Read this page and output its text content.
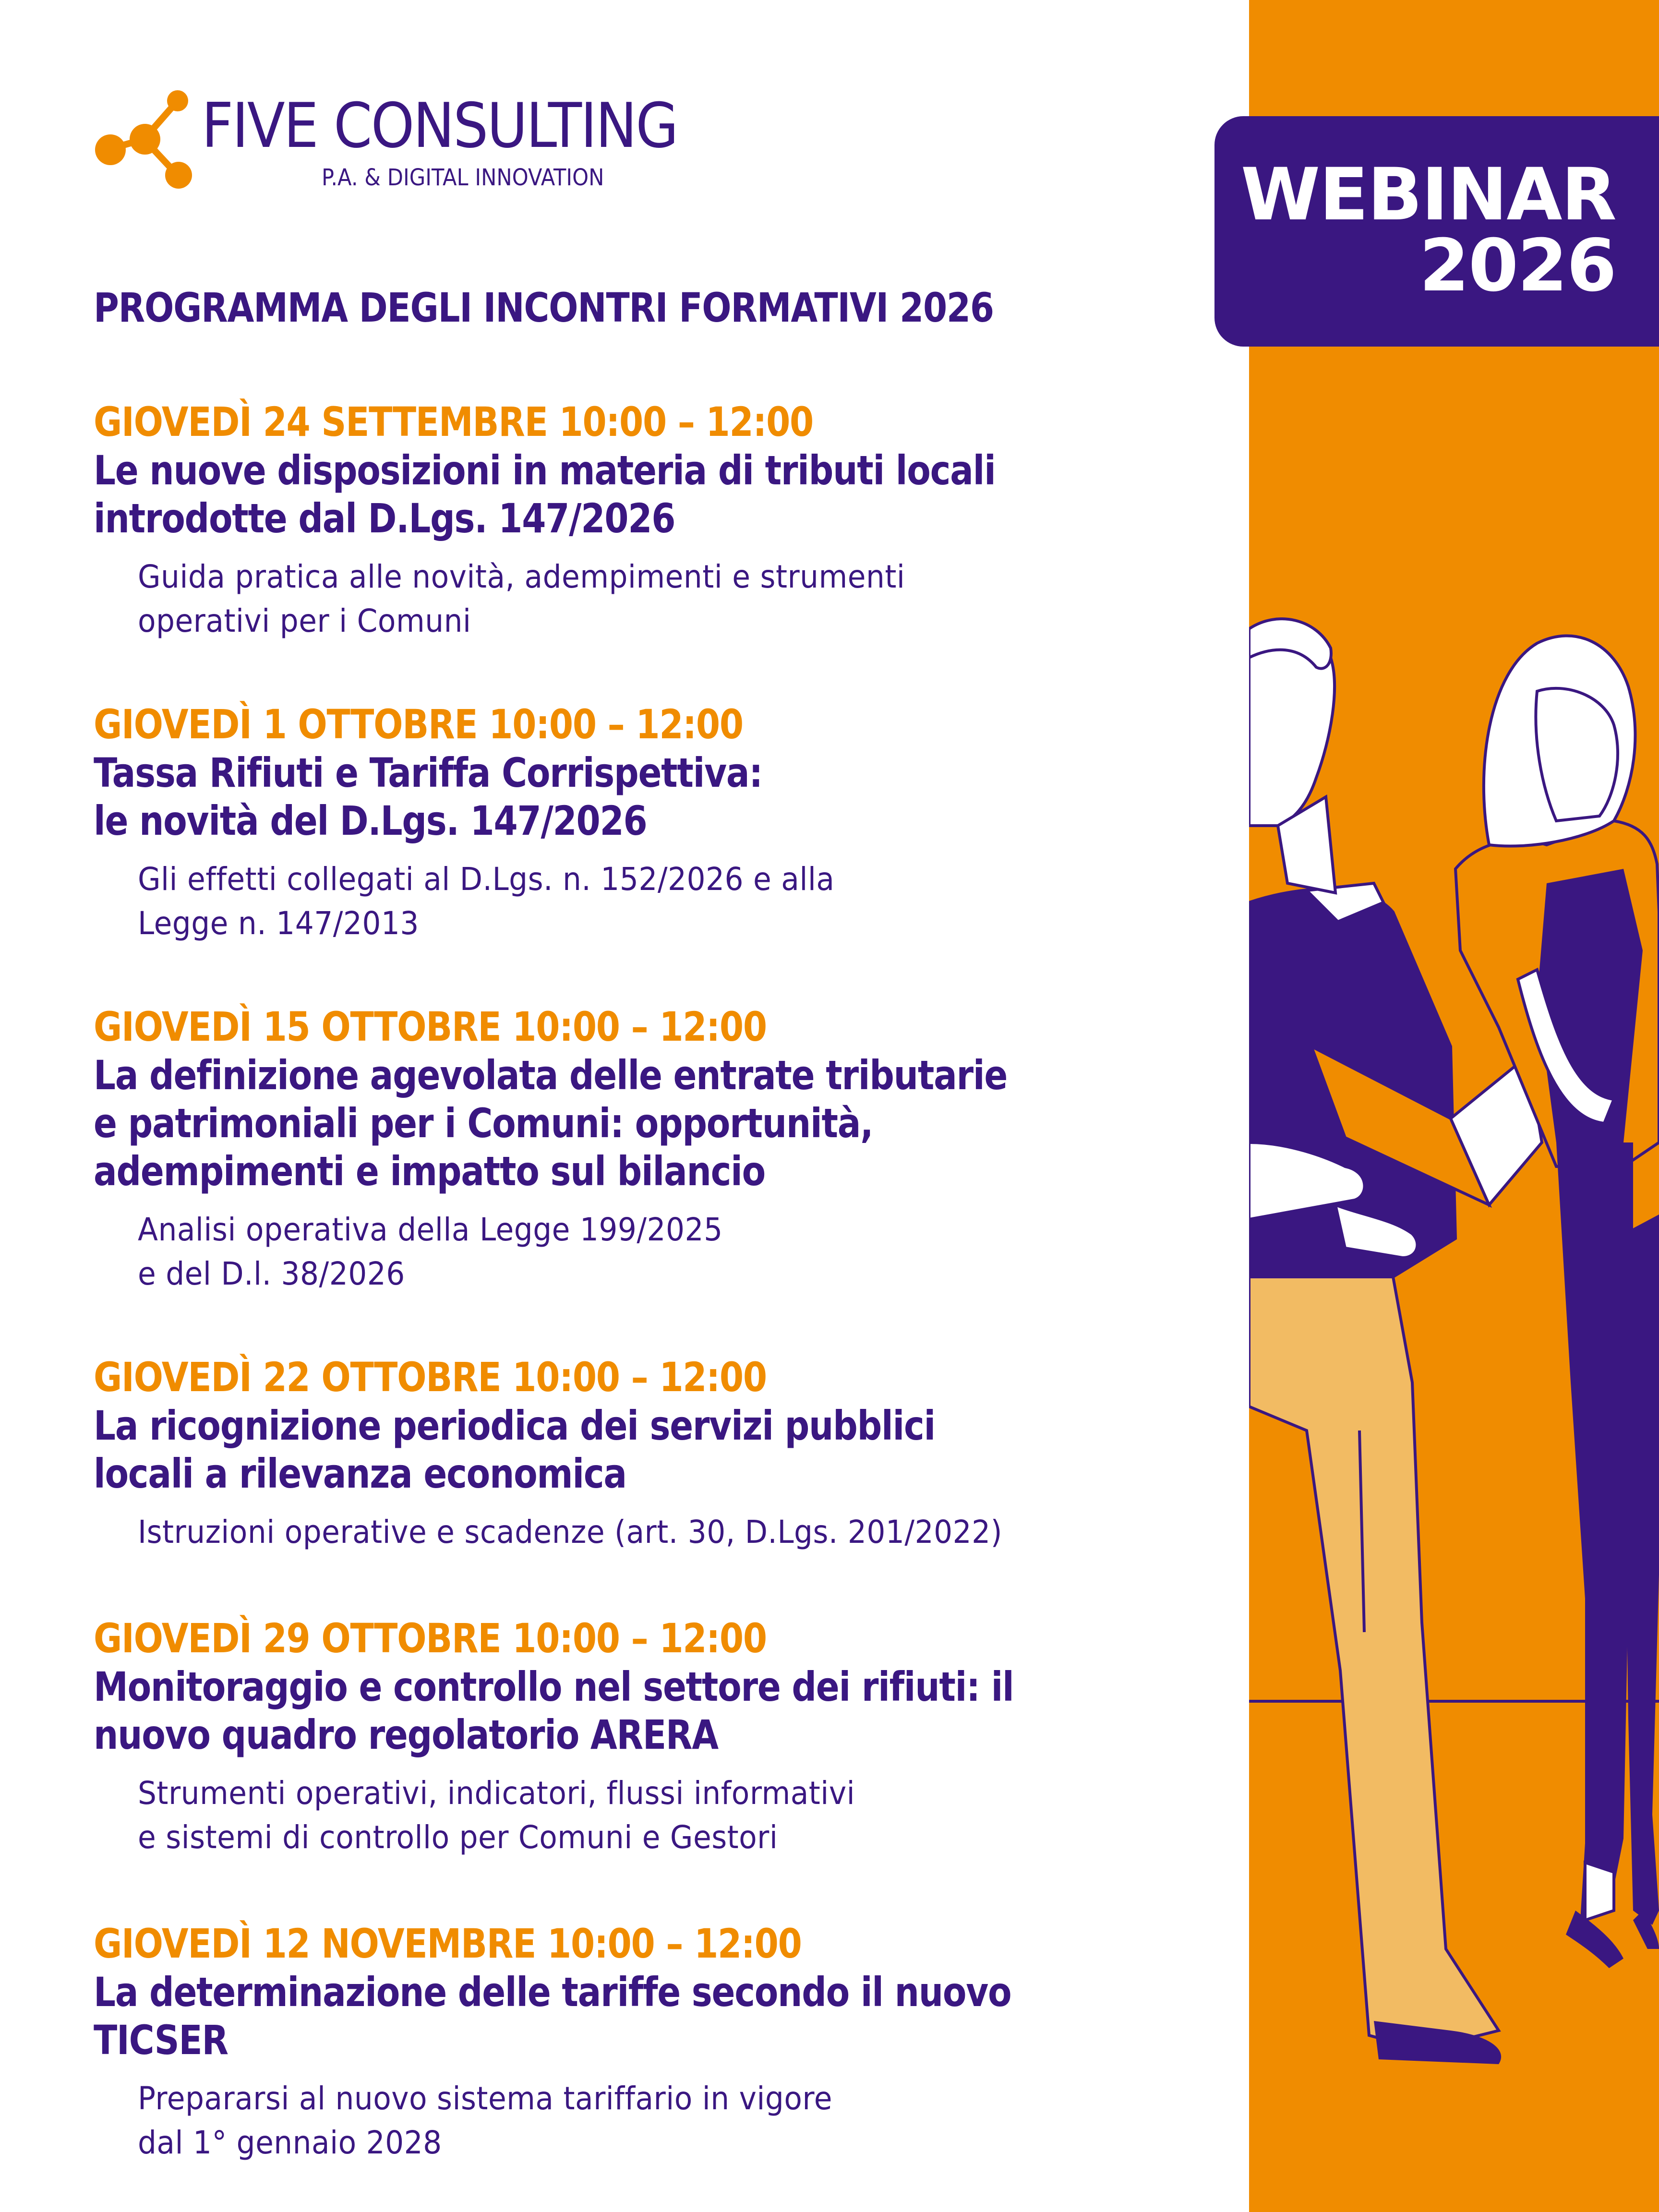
WEBINAR
2026
FIVE CONSULTING
P.A. & DIGITAL INNOVATION
PROGRAMMA DEGLI INCONTRI FORMATIVI 2026
GIOVEDÌ 24 SETTEMBRE 10:00 – 12:00
Le nuove disposizioni in materia di tributi locali
introdotte dal D.Lgs. 147/2026
Guida pratica alle novità, adempimenti e strumenti
operativi per i Comuni
GIOVEDÌ 1 OTTOBRE 10:00 – 12:00
Tassa Rifiuti e Tariffa Corrispettiva:
le novità del D.Lgs. 147/2026
Gli effetti collegati al D.Lgs. n. 152/2026 e alla
Legge n. 147/2013
GIOVEDÌ 15 OTTOBRE 10:00 – 12:00
La definizione agevolata delle entrate tributarie
e patrimoniali per i Comuni: opportunità,
adempimenti e impatto sul bilancio
Analisi operativa della Legge 199/2025
e del D.l. 38/2026
GIOVEDÌ 22 OTTOBRE 10:00 – 12:00
La ricognizione periodica dei servizi pubblici
locali a rilevanza economica
Istruzioni operative e scadenze (art. 30, D.Lgs. 201/2022)
GIOVEDÌ 29 OTTOBRE 10:00 – 12:00
Monitoraggio e controllo nel settore dei rifiuti: il
nuovo quadro regolatorio ARERA
Strumenti operativi, indicatori, flussi informativi
e sistemi di controllo per Comuni e Gestori
GIOVEDÌ 12 NOVEMBRE 10:00 – 12:00
La determinazione delle tariffe secondo il nuovo TICSER
Prepararsi al nuovo sistema tariffario in vigore
dal 1° gennaio 2028
